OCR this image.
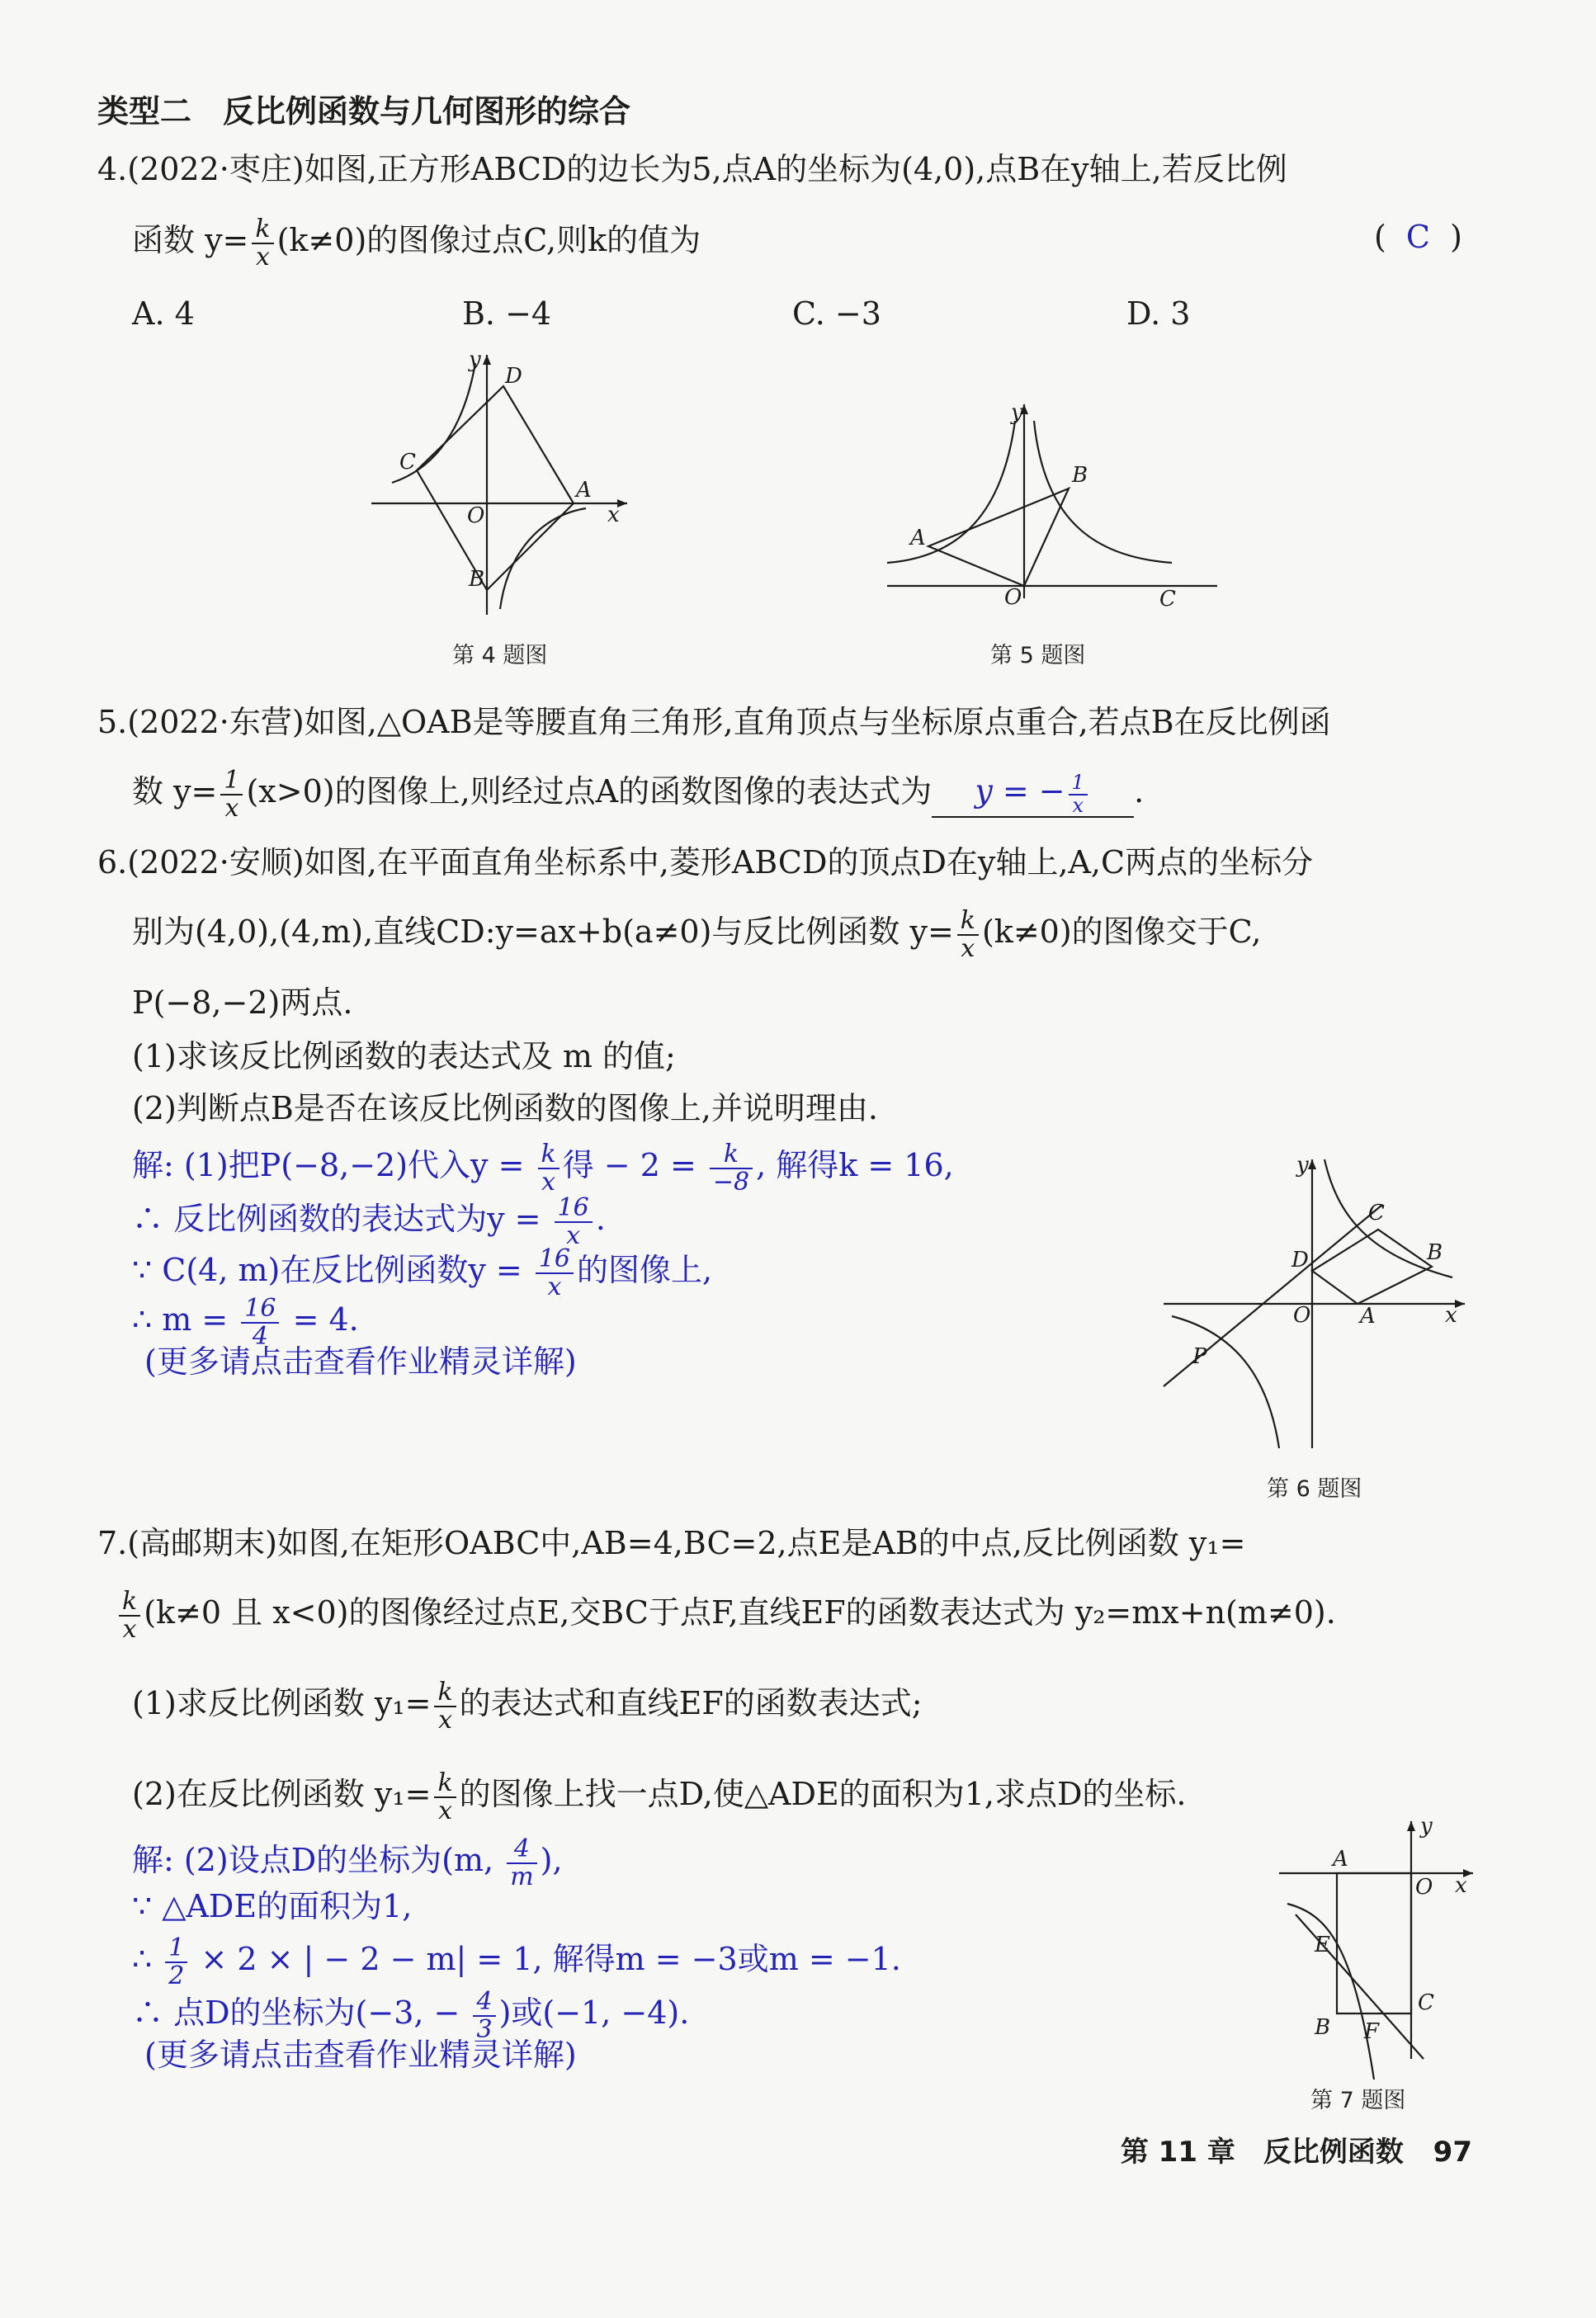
类型二　反比例函数与几何图形的综合
4.(2022·枣庄)如图,正方形ABCD的边长为5,点A的坐标为(4,0),点B在y轴上,若反比例
函数 $y= \frac{k}{x} (k\ne 0)$的图像过点C,则k的值为	( C )
A. 4	B. −4	C. −3	D. 3
y
x
O
A
B
C
D
第 4 题图
y
O
A
B
C
第 5 题图
5.(2022·东营)如图,△OAB是等腰直角三角形,直角顶点与坐标原点重合,若点B在反比例函
数 $y= \frac{1}{x} (x>0)$的图像上,则经过点A的函数图像的表达式为 y = − $\frac{1}{x}$ .
6.(2022·安顺)如图,在平面直角坐标系中,菱形ABCD的顶点D在y轴上,A,C两点的坐标分
别为(4,0),(4,m),直线CD:y=ax+b(a≠0)与反比例函数 $y= \frac{k}{x} (k\ne 0)$的图像交于C,
P(−8,−2)两点.
(1)求该反比例函数的表达式及 m 的值;
(2)判断点B是否在该反比例函数的图像上,并说明理由.
解: (1)把P(−8,−2)代入$y = \frac{k}{x}$ 得 − $2 = \frac{k}{-8}$ , 解得k = 16,
∴ 反比例函数的表达式为$y = \frac{16}{x}$ .
∵ C(4, m)在反比例函数$y = \frac{16}{x}$ 的图像上,
∴ $m = \frac{16}{4} = 4$.
(更多请点击查看作业精灵详解)
y
x
O A
B
C
D
P
第 6 题图
7.(高邮期末)如图,在矩形OABC中,AB=4,BC=2,点E是AB的中点,反比例函数 y₁=
$\frac{k}{x} (k\ne 0$ 且 x<0)的图像经过点E,交BC于点F,直线EF的函数表达式为 y₂=mx+n(m≠0).
(1)求反比例函数 $y_1= \frac{k}{x}$ 的表达式和直线EF的函数表达式;
(2)在反比例函数 $y_1= \frac{k}{x}$ 的图像上找一点D,使△ADE的面积为1,求点D的坐标.
解: (2)设点D的坐标为(m, $\frac{4}{m}$ ),
∵ △ADE的面积为1,
∴ $\frac{1}{2} \times 2$ × | − 2 − m| = 1, 解得m = −3或m = −1.
∴ 点D的坐标为(−3, − $\frac{4}{3}$ )或(−1, −4).
(更多请点击查看作业精灵详解)
y
x
O
A
B
C
E
F
第 7 题图
第 11 章　反比例函数 97
